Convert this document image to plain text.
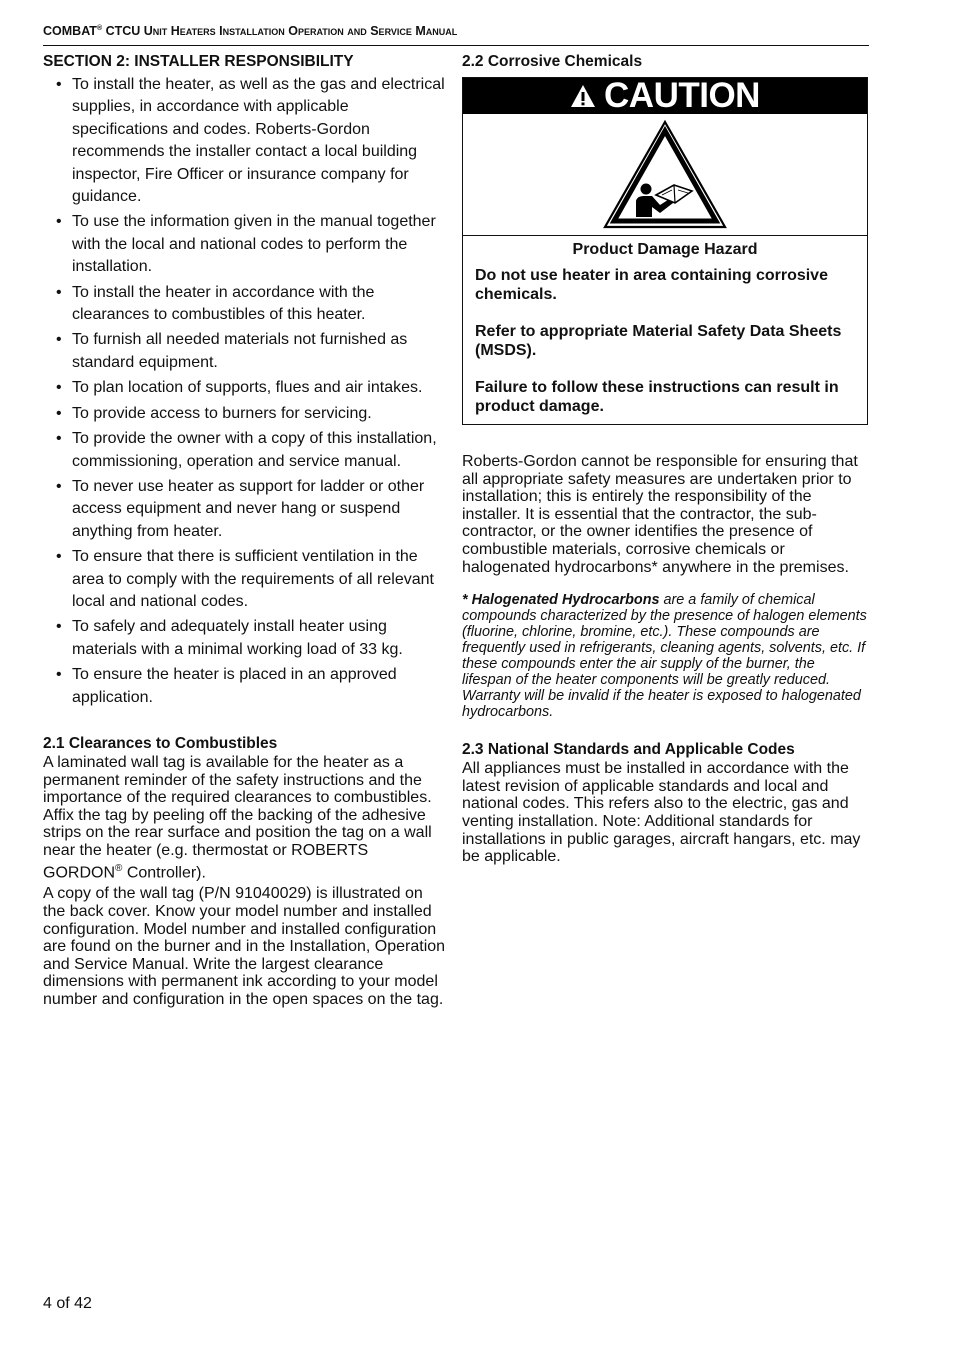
COMBAT® CTCU Unit Heaters Installation Operation and Service Manual
SECTION 2: INSTALLER RESPONSIBILITY
• To install the heater, as well as the gas and electrical supplies, in accordance with applicable specifications and codes. Roberts-Gordon recommends the installer contact a local building inspector, Fire Officer or insurance company for guidance.
• To use the information given in the manual together with the local and national codes to perform the installation.
• To install the heater in accordance with the clearances to combustibles of this heater.
• To furnish all needed materials not furnished as standard equipment.
• To plan location of supports, flues and air intakes.
• To provide access to burners for servicing.
• To provide the owner with a copy of this installation, commissioning, operation and service manual.
• To never use heater as support for ladder or other access equipment and never hang or suspend anything from heater.
• To ensure that there is sufficient ventilation in the area to comply with the requirements of all relevant local and national codes.
• To safely and adequately install heater using materials with a minimal working load of 33 kg.
• To ensure the heater is placed in an approved application.
2.1 Clearances to Combustibles

A laminated wall tag is available for the heater as a permanent reminder of the safety instructions and the importance of the required clearances to combustibles. Affix the tag by peeling off the backing of the adhesive strips on the rear surface and position the tag on a wall near the heater (e.g. thermostat or ROBERTS GORDON® Controller).

A copy of the wall tag (P/N 91040029) is illustrated on the back cover. Know your model number and installed configuration. Model number and installed configuration are found on the burner and in the Installation, Operation and Service Manual. Write the largest clearance dimensions with permanent ink according to your model number and configuration in the open spaces on the tag.

2.2 Corrosive Chemicals
CAUTION
Product Damage Hazard

Do not use heater in area containing corrosive chemicals.

Refer to appropriate Material Safety Data Sheets (MSDS).

Failure to follow these instructions can result in product damage.

Roberts-Gordon cannot be responsible for ensuring that all appropriate safety measures are undertaken prior to installation; this is entirely the responsibility of the installer. It is essential that the contractor, the sub-contractor, or the owner identifies the presence of combustible materials, corrosive chemicals or halogenated hydrocarbons* anywhere in the premises.

* Halogenated Hydrocarbons are a family of chemical compounds characterized by the presence of halogen elements (fluorine, chlorine, bromine, etc.). These compounds are frequently used in refrigerants, cleaning agents, solvents, etc. If these compounds enter the air supply of the burner, the lifespan of the heater components will be greatly reduced. Warranty will be invalid if the heater is exposed to halogenated hydrocarbons.

2.3 National Standards and Applicable Codes

All appliances must be installed in accordance with the latest revision of applicable standards and local and national codes. This refers also to the electric, gas and venting installation. Note: Additional standards for installations in public garages, aircraft hangars, etc. may be applicable.

4 of 42
